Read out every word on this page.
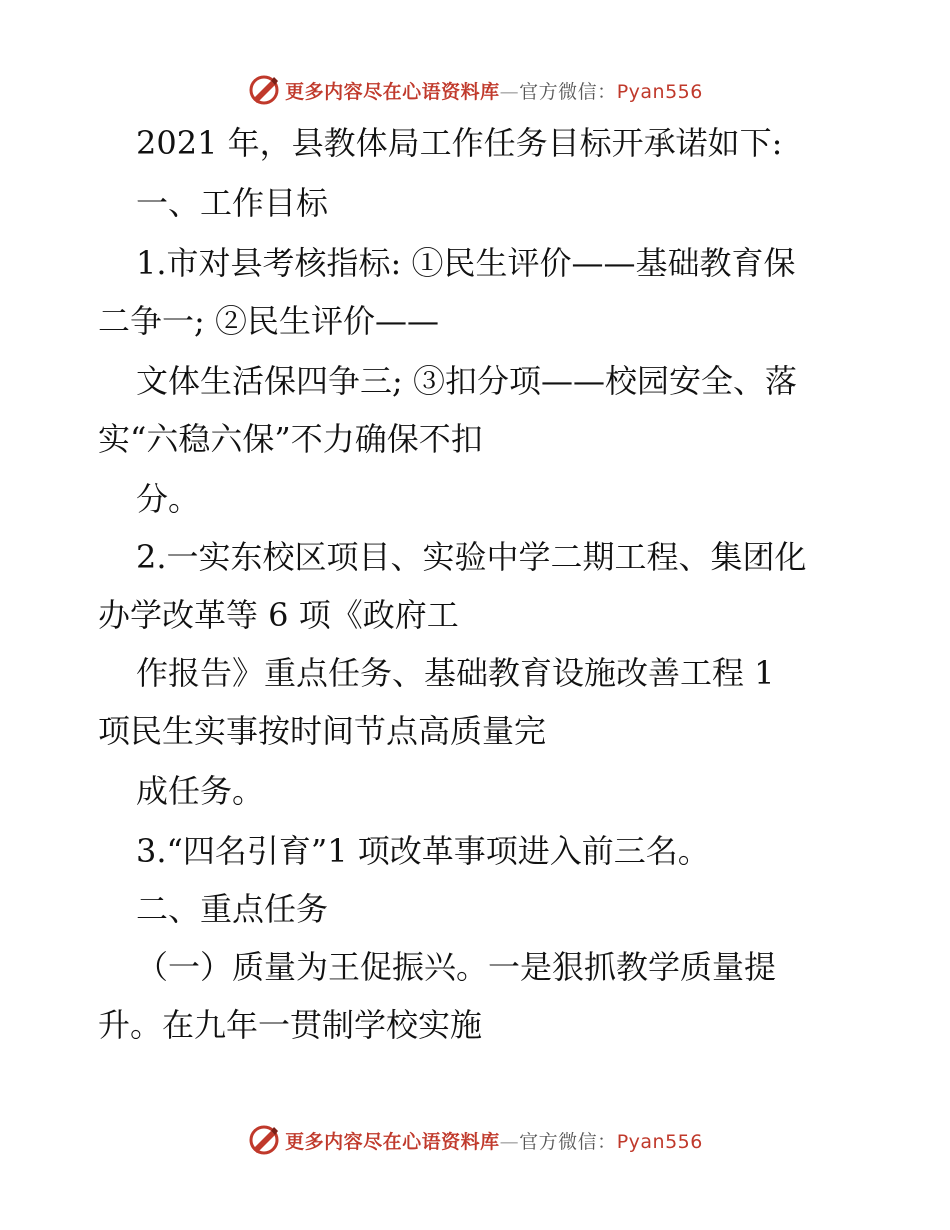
更多内容尽在心语资料库—官方微信：Pyan556
2021 年，县教体局工作任务目标开承诺如下:
一、工作目标
1.市对县考核指标: ①民生评价——基础教育保
二争一; ②民生评价——
文体生活保四争三; ③扣分项——校园安全、落
实“六稳六保”不力确保不扣
分。
2.一实东校区项目、实验中学二期工程、集团化
办学改革等 6 项《政府工
作报告》重点任务、基础教育设施改善工程 1
项民生实事按时间节点高质量完
成任务。
3.“四名引育”1 项改革事项进入前三名。
二、重点任务
（一）质量为王促振兴。一是狠抓教学质量提
升。在九年一贯制学校实施
更多内容尽在心语资料库—官方微信：Pyan556
